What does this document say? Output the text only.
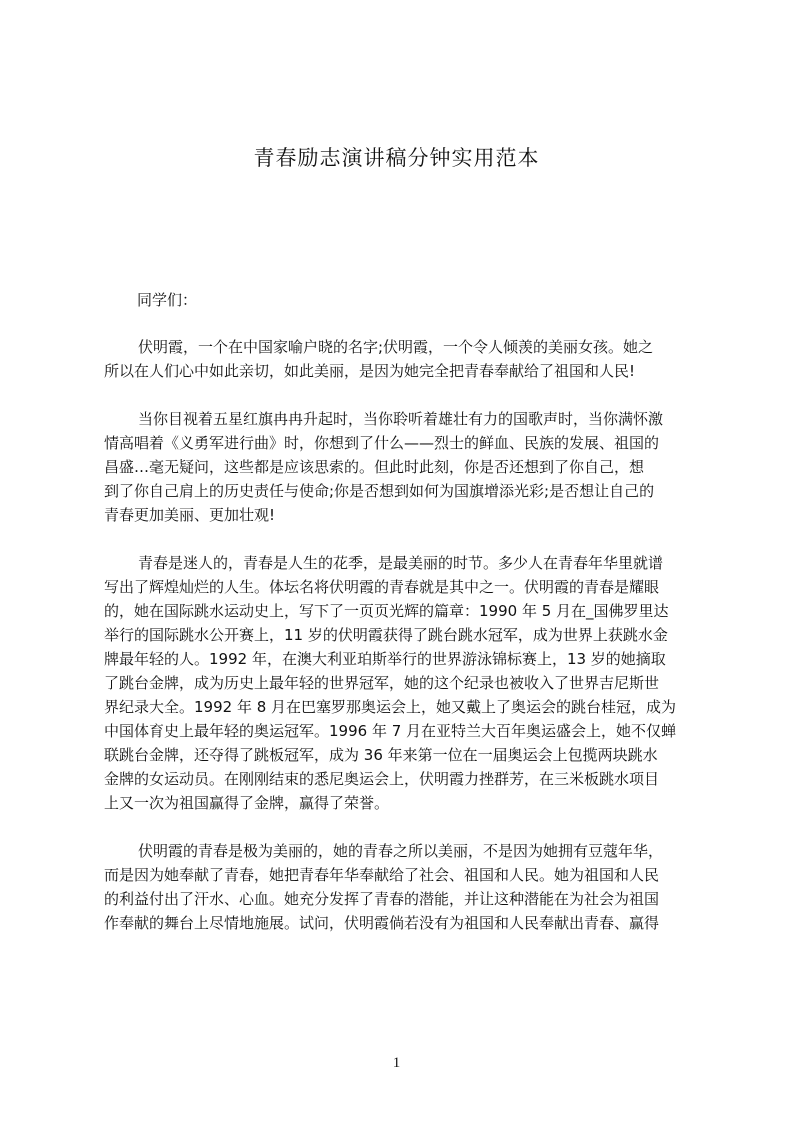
青春励志演讲稿分钟实用范本
同学们：
伏明霞，一个在中国家喻户晓的名字;伏明霞，一个令人倾羡的美丽女孩。她之
所以在人们心中如此亲切，如此美丽，是因为她完全把青春奉献给了祖国和人民!
当你目视着五星红旗冉冉升起时，当你聆听着雄壮有力的国歌声时，当你满怀激
情高唱着《义勇军进行曲》时，你想到了什么——烈士的鲜血、民族的发展、祖国的
昌盛…毫无疑问，这些都是应该思索的。但此时此刻，你是否还想到了你自己，想
到了你自己肩上的历史责任与使命;你是否想到如何为国旗增添光彩;是否想让自己的
青春更加美丽、更加壮观!
青春是迷人的，青春是人生的花季，是最美丽的时节。多少人在青春年华里就谱
写出了辉煌灿烂的人生。体坛名将伏明霞的青春就是其中之一。伏明霞的青春是耀眼
的，她在国际跳水运动史上，写下了一页页光辉的篇章：1990 年 5 月在_国佛罗里达
举行的国际跳水公开赛上，11 岁的伏明霞获得了跳台跳水冠军，成为世界上获跳水金
牌最年轻的人。1992 年，在澳大利亚珀斯举行的世界游泳锦标赛上，13 岁的她摘取
了跳台金牌，成为历史上最年轻的世界冠军，她的这个纪录也被收入了世界吉尼斯世
界纪录大全。1992 年 8 月在巴塞罗那奥运会上，她又戴上了奥运会的跳台桂冠，成为
中国体育史上最年轻的奥运冠军。1996 年 7 月在亚特兰大百年奥运盛会上，她不仅蝉
联跳台金牌，还夺得了跳板冠军，成为 36 年来第一位在一届奥运会上包揽两块跳水
金牌的女运动员。在刚刚结束的悉尼奥运会上，伏明霞力挫群芳，在三米板跳水项目
上又一次为祖国赢得了金牌，赢得了荣誉。
伏明霞的青春是极为美丽的，她的青春之所以美丽，不是因为她拥有豆蔻年华，
而是因为她奉献了青春，她把青春年华奉献给了社会、祖国和人民。她为祖国和人民
的利益付出了汗水、心血。她充分发挥了青春的潜能，并让这种潜能在为社会为祖国
作奉献的舞台上尽情地施展。试问，伏明霞倘若没有为祖国和人民奉献出青春、赢得
1
